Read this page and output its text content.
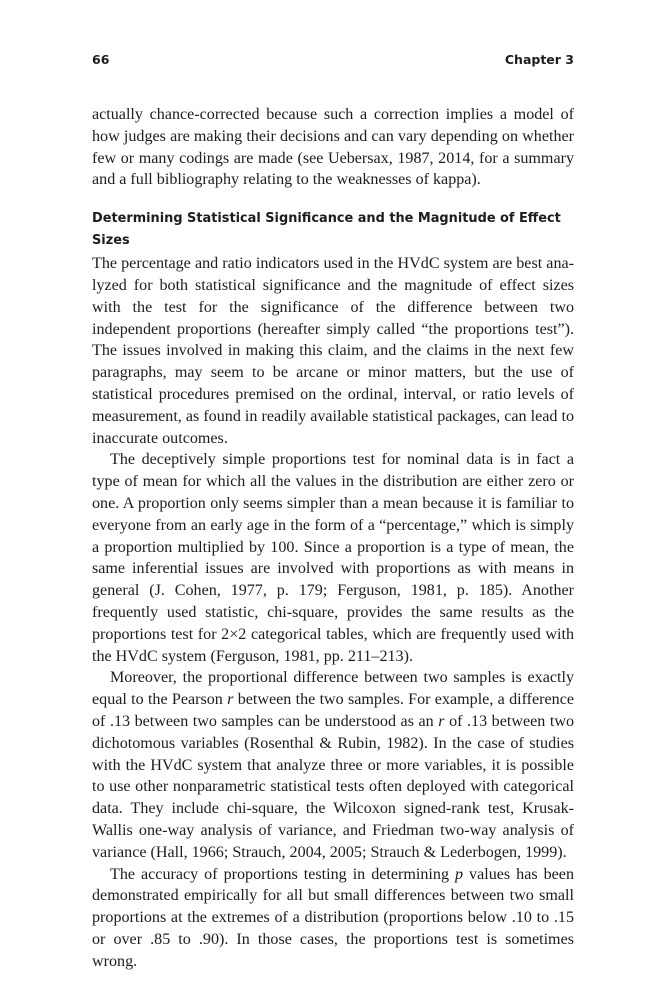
66	Chapter 3

actually chance-corrected because such a correction implies a model of how judges are making their decisions and can vary depending on whether few or many codings are made (see Uebersax, 1987, 2014, for a summary and a full bibliography relating to the weaknesses of kappa).

Determining Statistical Significance and the Magnitude of Effect Sizes

The percentage and ratio indicators used in the HVdC system are best analyzed for both statistical significance and the magnitude of effect sizes with the test for the significance of the difference between two independent proportions (hereafter simply called “the proportions test”). The issues involved in making this claim, and the claims in the next few paragraphs, may seem to be arcane or minor matters, but the use of statistical procedures premised on the ordinal, interval, or ratio levels of measurement, as found in readily available statistical packages, can lead to inaccurate outcomes.

The deceptively simple proportions test for nominal data is in fact a type of mean for which all the values in the distribution are either zero or one. A proportion only seems simpler than a mean because it is familiar to everyone from an early age in the form of a “percentage,” which is simply a proportion multiplied by 100. Since a proportion is a type of mean, the same inferential issues are involved with proportions as with means in general (J. Cohen, 1977, p. 179; Ferguson, 1981, p. 185). Another frequently used statistic, chi-square, provides the same results as the proportions test for 2×2 categorical tables, which are frequently used with the HVdC system (Ferguson, 1981, pp. 211–213).

Moreover, the proportional difference between two samples is exactly equal to the Pearson r between the two samples. For example, a difference of .13 between two samples can be understood as an r of .13 between two dichotomous variables (Rosenthal & Rubin, 1982). In the case of studies with the HVdC system that analyze three or more variables, it is possible to use other nonparametric statistical tests often deployed with categorical data. They include chi-square, the Wilcoxon signed-rank test, Krusak-Wallis one-way analysis of variance, and Friedman two-way analysis of variance (Hall, 1966; Strauch, 2004, 2005; Strauch & Lederbogen, 1999).

The accuracy of proportions testing in determining p values has been demonstrated empirically for all but small differences between two small proportions at the extremes of a distribution (proportions below .10 to .15 or over .85 to .90). In those cases, the proportions test is sometimes wrong.
